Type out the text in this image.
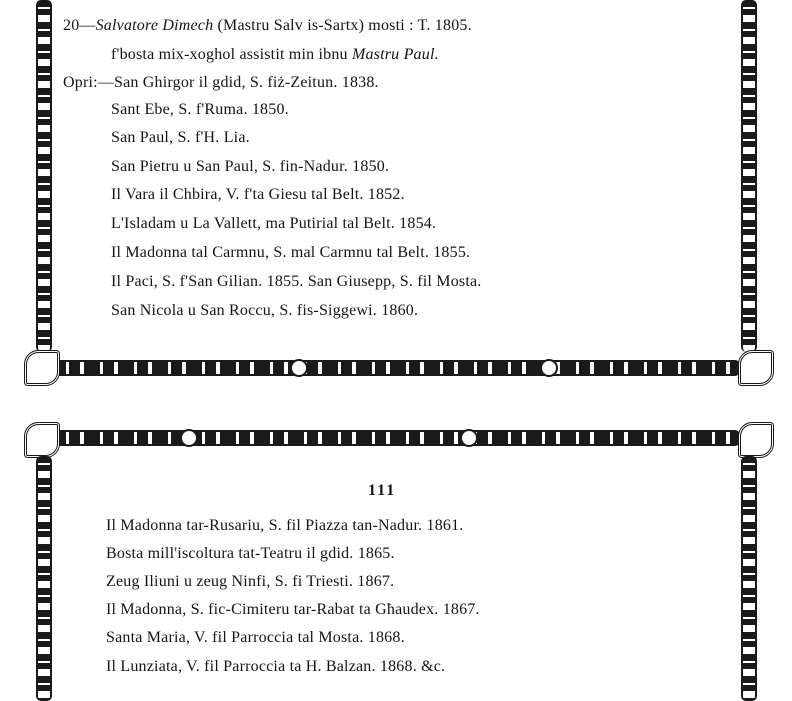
20—Salvatore Dimech (Mastru Salv is-Sartx) mosti : T. 1805.
f'bosta mix-xoghol assistit min ibnu Mastru Paul.
Opri:—San Ghirgor il gdid, S. fiż-Zeitun. 1838.
Sant Ebe, S. f'Ruma. 1850.
San Paul, S. f'H. Lia.
San Pietru u San Paul, S. fin-Nadur. 1850.
Il Vara il Chbira, V. f'ta Giesu tal Belt. 1852.
L'Isladam u La Vallett, ma Putirial tal Belt. 1854.
Il Madonna tal Carmnu, S. mal Carmnu tal Belt. 1855.
Il Paci, S. f'San Gilian. 1855. San Giusepp, S. fil Mosta.
San Nicola u San Roccu, S. fis-Siggewi. 1860.
111
Il Madonna tar-Rusariu, S. fil Piazza tan-Nadur. 1861.
Bosta mill'iscoltura tat-Teatru il gdid. 1865.
Zeug Iliuni u zeug Ninfi, S. fi Triesti. 1867.
Il Madonna, S. fic-Cimiteru tar-Rabat ta Għaudex. 1867.
Santa Maria, V. fil Parroccia tal Mosta. 1868.
Il Lunziata, V. fil Parroccia ta H. Balzan. 1868. &c.
